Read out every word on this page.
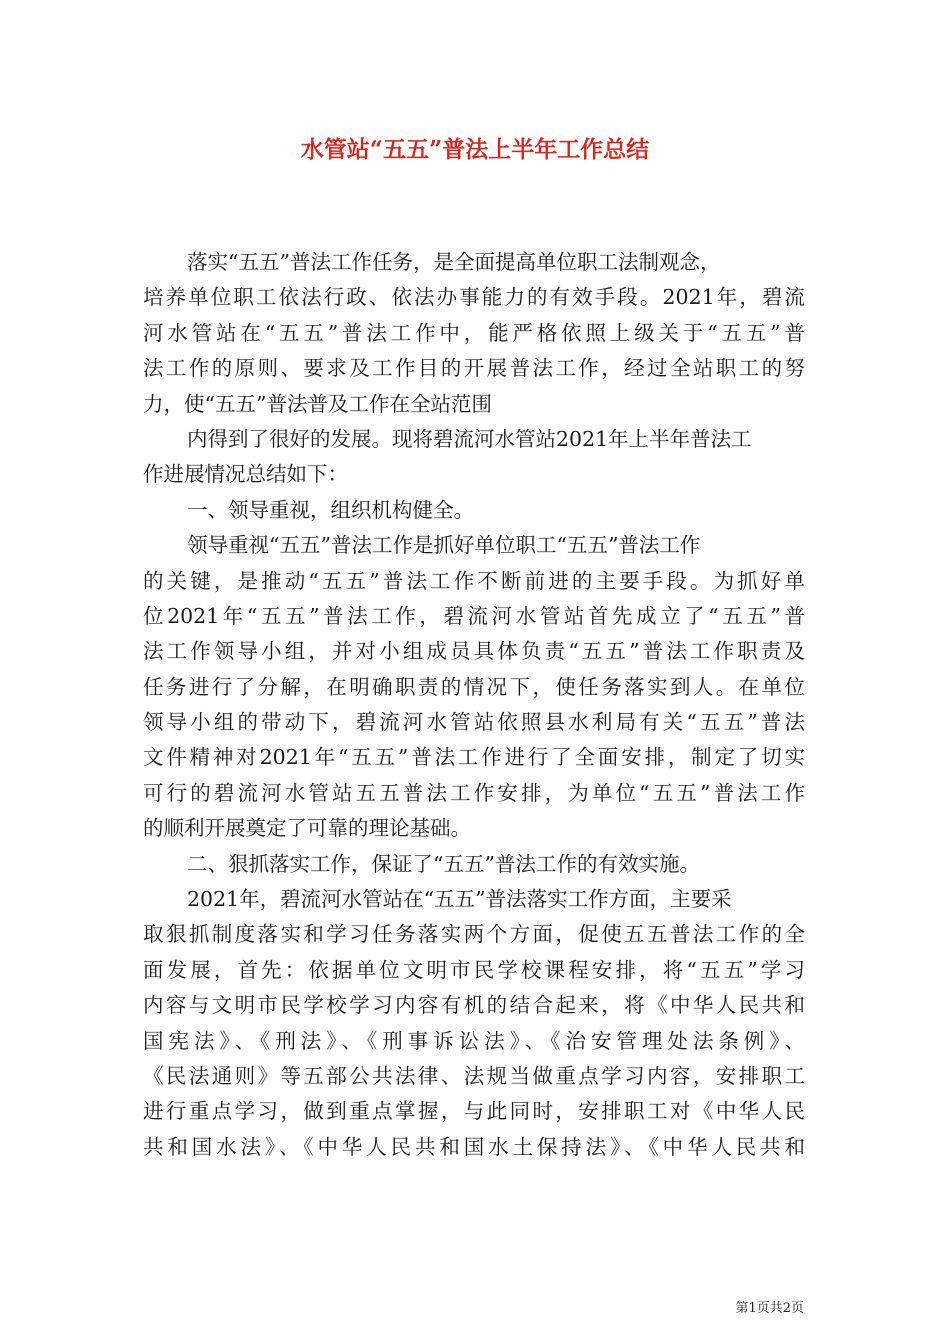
水管站“五五”普法上半年工作总结
落实“五五”普法工作任务，是全面提高单位职工法制观念，
培养单位职工依法行政、依法办事能力的有效手段。2021年，碧流
河水管站在“五五”普法工作中，能严格依照上级关于“五五”普
法工作的原则、要求及工作目的开展普法工作，经过全站职工的努
力，使“五五”普法普及工作在全站范围
内得到了很好的发展。现将碧流河水管站2021年上半年普法工
作进展情况总结如下：
一、领导重视，组织机构健全。
领导重视“五五”普法工作是抓好单位职工“五五”普法工作
的关键，是推动“五五”普法工作不断前进的主要手段。为抓好单
位2021年“五五”普法工作，碧流河水管站首先成立了“五五”普
法工作领导小组，并对小组成员具体负责“五五”普法工作职责及
任务进行了分解，在明确职责的情况下，使任务落实到人。在单位
领导小组的带动下，碧流河水管站依照县水利局有关“五五”普法
文件精神对2021年“五五”普法工作进行了全面安排，制定了切实
可行的碧流河水管站五五普法工作安排，为单位“五五”普法工作
的顺利开展奠定了可靠的理论基础。
二、狠抓落实工作，保证了“五五”普法工作的有效实施。
2021年，碧流河水管站在“五五”普法落实工作方面，主要采
取狠抓制度落实和学习任务落实两个方面，促使五五普法工作的全
面发展，首先：依据单位文明市民学校课程安排，将“五五”学习
内容与文明市民学校学习内容有机的结合起来，将《中华人民共和
国宪法》、《刑法》、《刑事诉讼法》、《治安管理处法条例》、
《民法通则》等五部公共法律、法规当做重点学习内容，安排职工
进行重点学习，做到重点掌握，与此同时，安排职工对《中华人民
共和国水法》、《中华人民共和国水土保持法》、《中华人民共和
第1页共2页
